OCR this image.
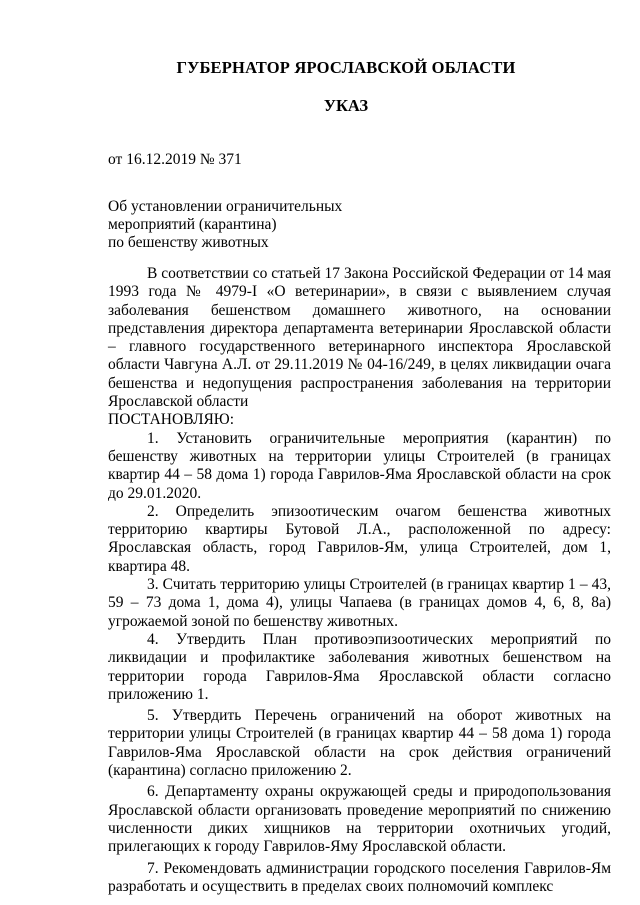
ГУБЕРНАТОР ЯРОСЛАВСКОЙ ОБЛАСТИ
УКАЗ
от 16.12.2019 № 371
Об установлении ограничительных
мероприятий (карантина)
по бешенству животных

В соответствии со статьей 17 Закона Российской Федерации от 14 мая 1993 года № 4979-I «О ветеринарии», в связи с выявлением случая заболевания бешенством домашнего животного, на основании представления директора департамента ветеринарии Ярославской области – главного государственного ветеринарного инспектора Ярославской области Чавгуна А.Л. от 29.11.2019 № 04-16/249, в целях ликвидации очага бешенства и недопущения распространения заболевания на территории Ярославской области

ПОСТАНОВЛЯЮ:

1. Установить ограничительные мероприятия (карантин) по бешенству животных на территории улицы Строителей (в границах квартир 44 – 58 дома 1) города Гаврилов-Яма Ярославской области на срок до 29.01.2020.

2. Определить эпизоотическим очагом бешенства животных территорию квартиры Бутовой Л.А., расположенной по адресу: Ярославская область, город Гаврилов-Ям, улица Строителей, дом 1, квартира 48.

3. Считать территорию улицы Строителей (в границах квартир 1 – 43, 59 – 73 дома 1, дома 4), улицы Чапаева (в границах домов 4, 6, 8, 8а) угрожаемой зоной по бешенству животных.

4. Утвердить План противоэпизоотических мероприятий по ликвидации и профилактике заболевания животных бешенством на территории города Гаврилов-Яма Ярославской области согласно приложению 1.

5. Утвердить Перечень ограничений на оборот животных на территории улицы Строителей (в границах квартир 44 – 58 дома 1) города Гаврилов-Яма Ярославской области на срок действия ограничений (карантина) согласно приложению 2.

6. Департаменту охраны окружающей среды и природопользования Ярославской области организовать проведение мероприятий по снижению численности диких хищников на территории охотничьих угодий, прилегающих к городу Гаврилов-Яму Ярославской области.

7. Рекомендовать администрации городского поселения Гаврилов-Ям разработать и осуществить в пределах своих полномочий комплекс
